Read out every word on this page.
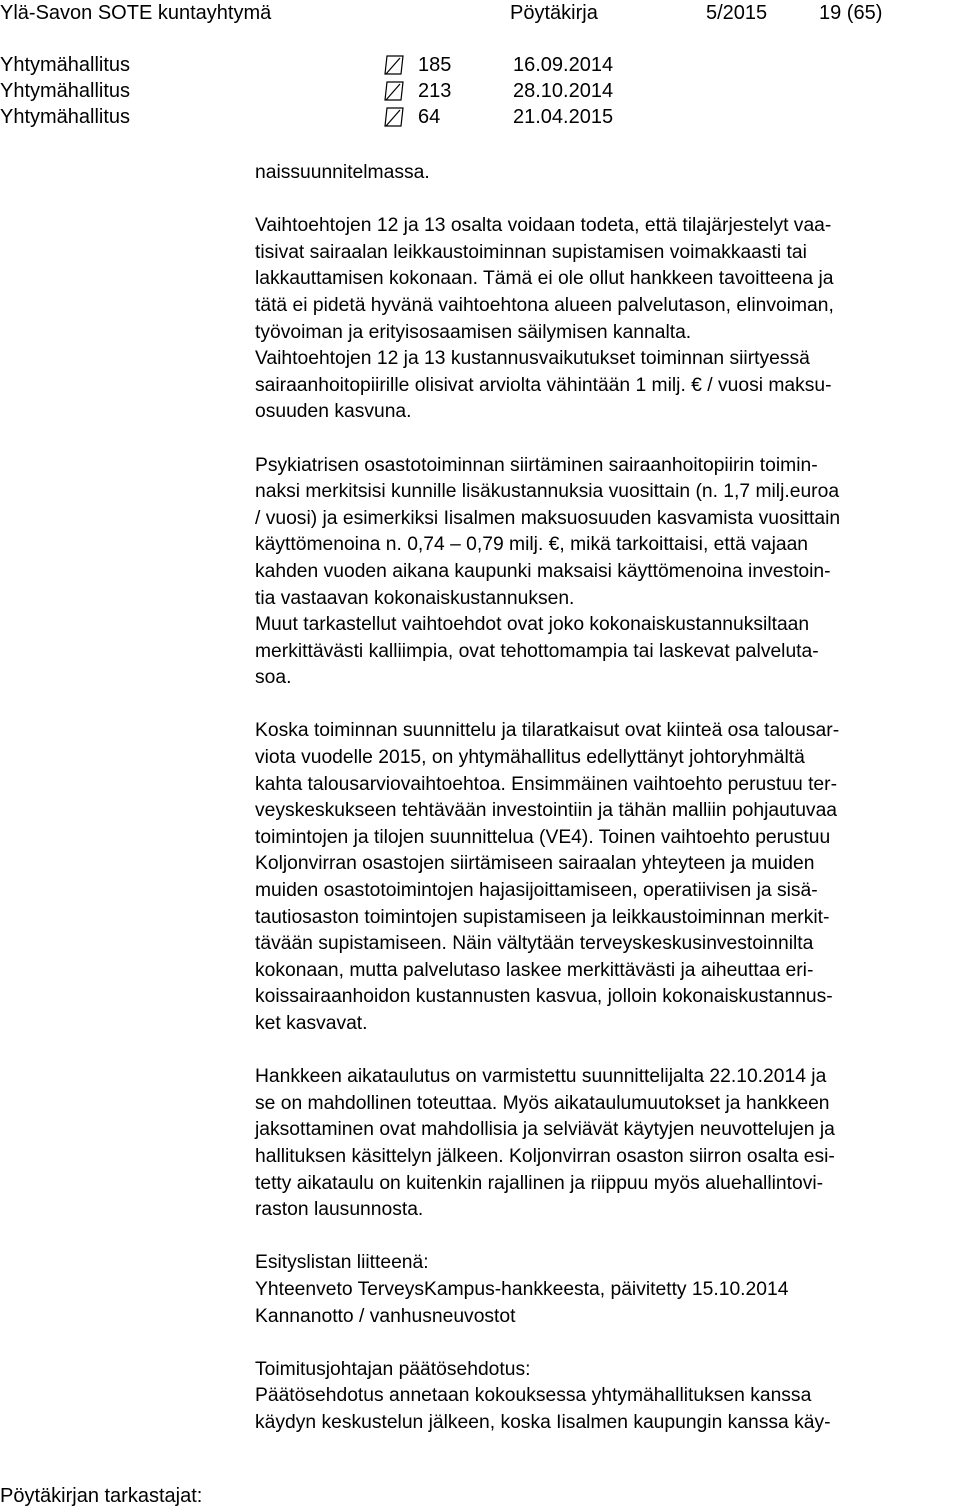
Ylä-Savon SOTE kuntayhtymä	Pöytäkirja	5/2015	19 (65)
Yhtymähallitus	185	16.09.2014
Yhtymähallitus	213	28.10.2014
Yhtymähallitus	64	21.04.2015

naissuunnitelmassa.

Vaihtoehtojen 12 ja 13 osalta voidaan todeta, että tilajärjestelyt vaa-

tisivat sairaalan leikkaustoiminnan supistamisen voimakkaasti tai

lakkauttamisen kokonaan. Tämä ei ole ollut hankkeen tavoitteena ja

tätä ei pidetä hyvänä vaihtoehtona alueen palvelutason, elinvoiman,

työvoiman ja erityisosaamisen säilymisen kannalta.

Vaihtoehtojen 12 ja 13 kustannusvaikutukset toiminnan siirtyessä

sairaanhoitopiirille olisivat arviolta vähintään 1 milj. € / vuosi maksu-

osuuden kasvuna.

Psykiatrisen osastotoiminnan siirtäminen sairaanhoitopiirin toimin-

naksi merkitsisi kunnille lisäkustannuksia vuosittain (n. 1,7 milj.euroa

/ vuosi) ja esimerkiksi Iisalmen maksuosuuden kasvamista vuosittain

käyttömenoina n. 0,74 – 0,79 milj. €, mikä tarkoittaisi, että vajaan

kahden vuoden aikana kaupunki maksaisi käyttömenoina investoin-

tia vastaavan kokonaiskustannuksen.

Muut tarkastellut vaihtoehdot ovat joko kokonaiskustannuksiltaan

merkittävästi kalliimpia, ovat tehottomampia tai laskevat palveluta-

soa.

Koska toiminnan suunnittelu ja tilaratkaisut ovat kiinteä osa talousar-

viota vuodelle 2015, on yhtymähallitus edellyttänyt johtoryhmältä

kahta talousarviovaihtoehtoa. Ensimmäinen vaihtoehto perustuu ter-

veyskeskukseen tehtävään investointiin ja tähän malliin pohjautuvaa

toimintojen ja tilojen suunnittelua (VE4). Toinen vaihtoehto perustuu

Koljonvirran osastojen siirtämiseen sairaalan yhteyteen ja muiden

muiden osastotoimintojen hajasijoittamiseen, operatiivisen ja sisä-

tautiosaston toimintojen supistamiseen ja leikkaustoiminnan merkit-

tävään supistamiseen. Näin vältytään terveyskeskusinvestoinnilta

kokonaan, mutta palvelutaso laskee merkittävästi ja aiheuttaa eri-

koissairaanhoidon kustannusten kasvua, jolloin kokonaiskustannus-

ket kasvavat.

Hankkeen aikataulutus on varmistettu suunnittelijalta 22.10.2014 ja

se on mahdollinen toteuttaa. Myös aikataulumuutokset ja hankkeen

jaksottaminen ovat mahdollisia ja selviävät käytyjen neuvottelujen ja

hallituksen käsittelyn jälkeen. Koljonvirran osaston siirron osalta esi-

tetty aikataulu on kuitenkin rajallinen ja riippuu myös aluehallintovi-

raston lausunnosta.

Esityslistan liitteenä:

Yhteenveto TerveysKampus-hankkeesta, päivitetty 15.10.2014

Kannanotto / vanhusneuvostot

Toimitusjohtajan päätösehdotus:

Päätösehdotus annetaan kokouksessa yhtymähallituksen kanssa

käydyn keskustelun jälkeen, koska Iisalmen kaupungin kanssa käy-

Pöytäkirjan tarkastajat:
